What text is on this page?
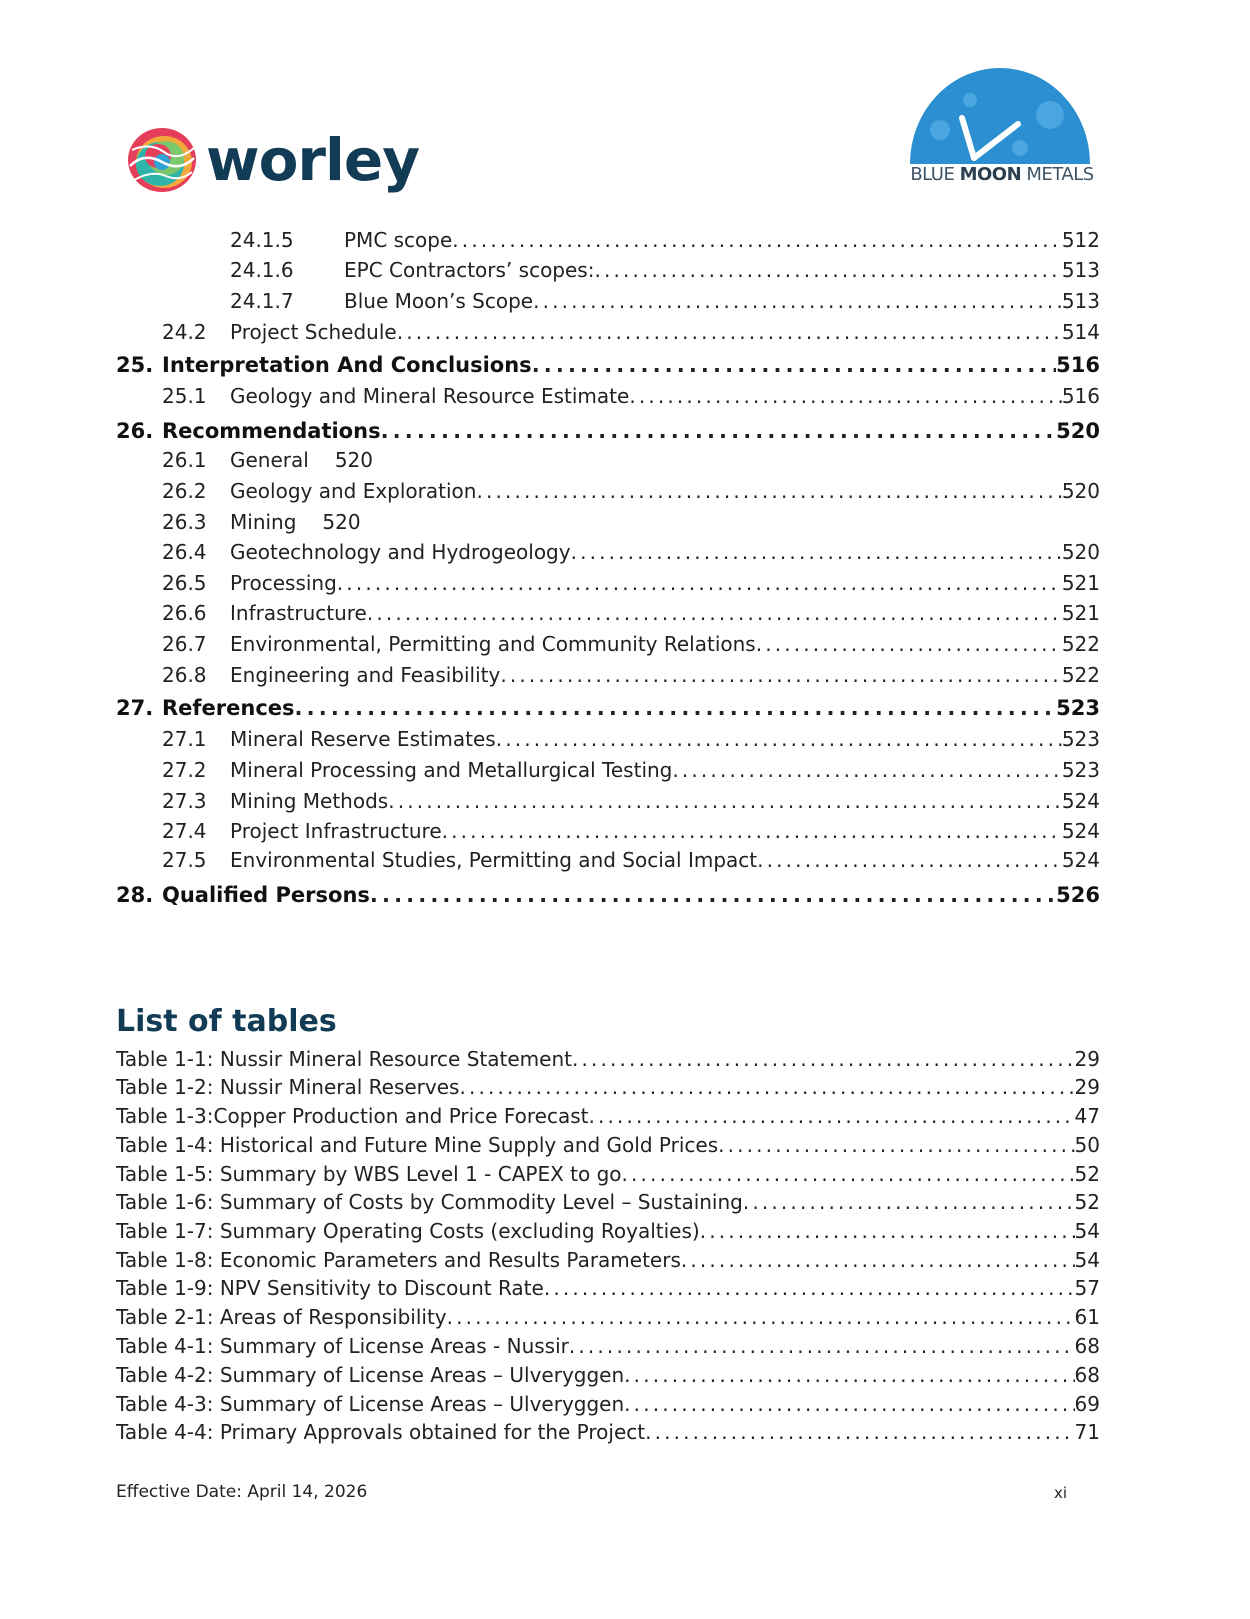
worley	BLUE MOON METALS
24.1.5	PMC scope . . .	512
24.1.6	EPC Contractors’ scopes: . . .	513
24.1.7	Blue Moon’s Scope . . .	513
24.2	Project Schedule . . .	514
25. Interpretation And Conclusions . . .	516
25.1	Geology and Mineral Resource Estimate . . .	516
26. Recommendations . . .	520
26.1	General 520
26.2	Geology and Exploration . . .	520
26.3	Mining 520
26.4	Geotechnology and Hydrogeology . . .	520
26.5	Processing . . .	521
26.6	Infrastructure . . .	521
26.7	Environmental, Permitting and Community Relations . . .	522
26.8	Engineering and Feasibility . . .	522
27. References . . .	523
27.1	Mineral Reserve Estimates . . .	523
27.2	Mineral Processing and Metallurgical Testing . . .	523
27.3	Mining Methods . . .	524
27.4	Project Infrastructure . . .	524
27.5	Environmental Studies, Permitting and Social Impact . . .	524
28. Qualified Persons . . .	526
List of tables
Table 1-1: Nussir Mineral Resource Statement . . .	29
Table 1-2: Nussir Mineral Reserves . . .	29
Table 1-3:Copper Production and Price Forecast . . .	47
Table 1-4: Historical and Future Mine Supply and Gold Prices . . .	50
Table 1-5: Summary by WBS Level 1 - CAPEX to go . . .	52
Table 1-6: Summary of Costs by Commodity Level – Sustaining . . .	52
Table 1-7: Summary Operating Costs (excluding Royalties) . . .	54
Table 1-8: Economic Parameters and Results Parameters . . .	54
Table 1-9: NPV Sensitivity to Discount Rate . . .	57
Table 2-1: Areas of Responsibility . . .	61
Table 4-1: Summary of License Areas - Nussir . . .	68
Table 4-2: Summary of License Areas – Ulveryggen . . .	68
Table 4-3: Summary of License Areas – Ulveryggen . . .	69
Table 4-4: Primary Approvals obtained for the Project . . .	71
Effective Date: April 14, 2026	xi
